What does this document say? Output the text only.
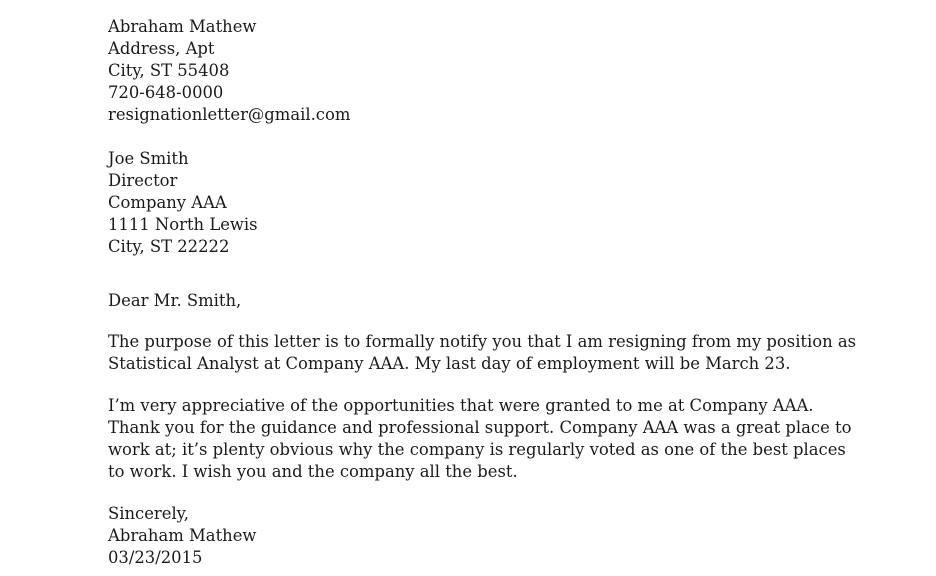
Abraham Mathew
Address, Apt
City, ST 55408
720-648-0000
resignationletter@gmail.com
Joe Smith
Director
Company AAA
1111 North Lewis
City, ST 22222
Dear Mr. Smith,
The purpose of this letter is to formally notify you that I am resigning from my position as
Statistical Analyst at Company AAA. My last day of employment will be March 23.
I’m very appreciative of the opportunities that were granted to me at Company AAA.
Thank you for the guidance and professional support. Company AAA was a great place to
work at; it’s plenty obvious why the company is regularly voted as one of the best places
to work. I wish you and the company all the best.
Sincerely,
Abraham Mathew
03/23/2015
